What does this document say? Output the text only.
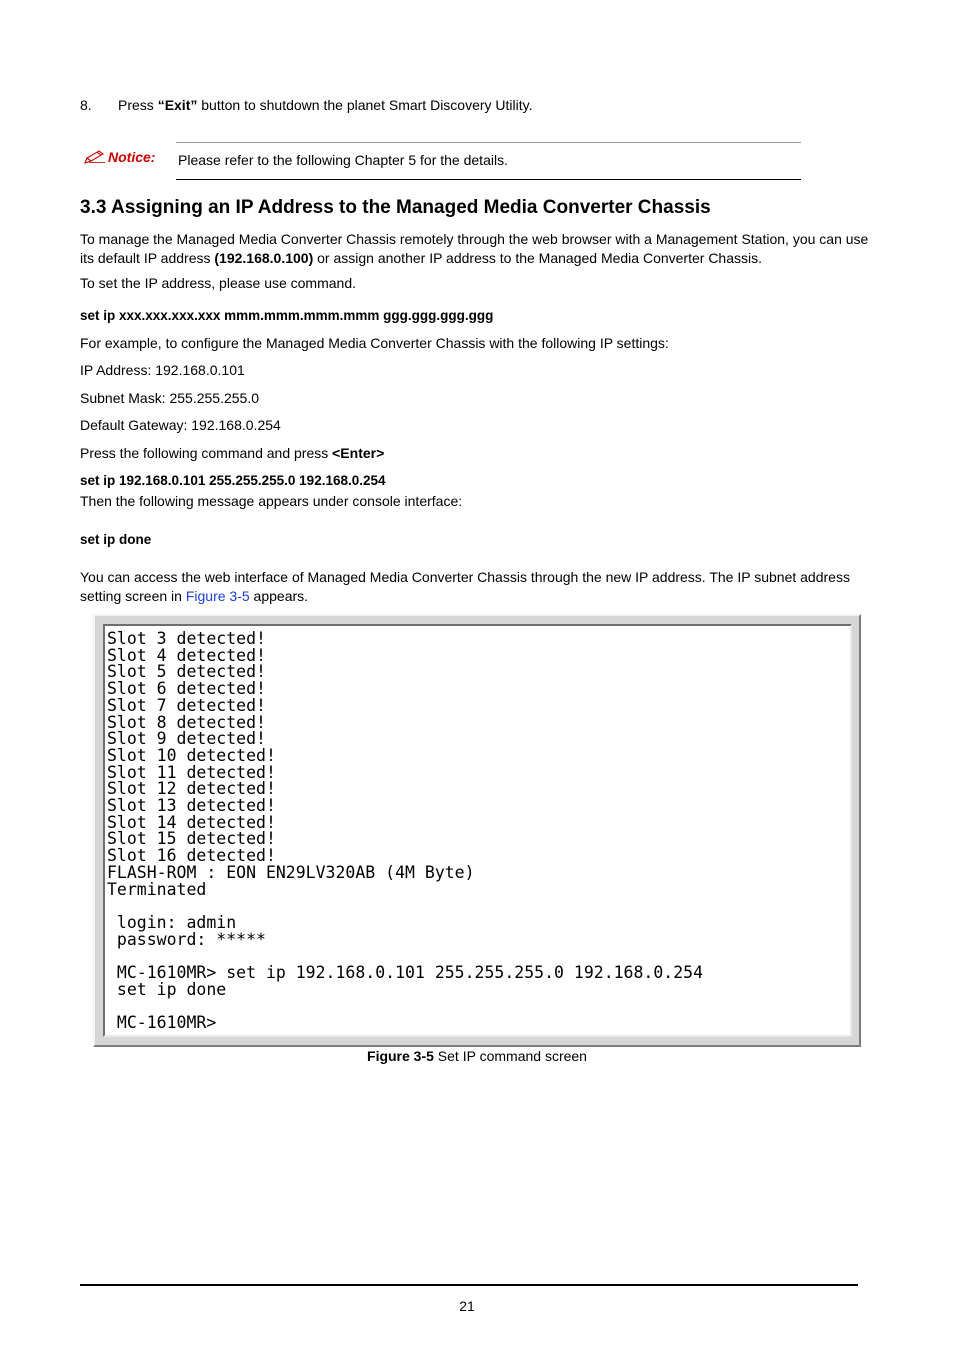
8. Press “Exit” button to shutdown the planet Smart Discovery Utility.
Notice: Please refer to the following Chapter 5 for the details.
3.3 Assigning an IP Address to the Managed Media Converter Chassis
To manage the Managed Media Converter Chassis remotely through the web browser with a Management Station, you can use its default IP address (192.168.0.100) or assign another IP address to the Managed Media Converter Chassis.
To set the IP address, please use command.
set ip xxx.xxx.xxx.xxx mmm.mmm.mmm.mmm ggg.ggg.ggg.ggg
For example, to configure the Managed Media Converter Chassis with the following IP settings:
IP Address: 192.168.0.101
Subnet Mask: 255.255.255.0
Default Gateway: 192.168.0.254
Press the following command and press <Enter>
set ip 192.168.0.101 255.255.255.0 192.168.0.254
Then the following message appears under console interface:
set ip done
You can access the web interface of Managed Media Converter Chassis through the new IP address. The IP subnet address setting screen in Figure 3-5 appears.
Slot 3 detected!
Slot 4 detected!
Slot 5 detected!
Slot 6 detected!
Slot 7 detected!
Slot 8 detected!
Slot 9 detected!
Slot 10 detected!
Slot 11 detected!
Slot 12 detected!
Slot 13 detected!
Slot 14 detected!
Slot 15 detected!
Slot 16 detected!
FLASH-ROM : EON EN29LV320AB (4M Byte)
Terminated
login: admin
password: *****
MC-1610MR> set ip 192.168.0.101 255.255.255.0 192.168.0.254
set ip done
MC-1610MR>
Figure 3-5 Set IP command screen
21
